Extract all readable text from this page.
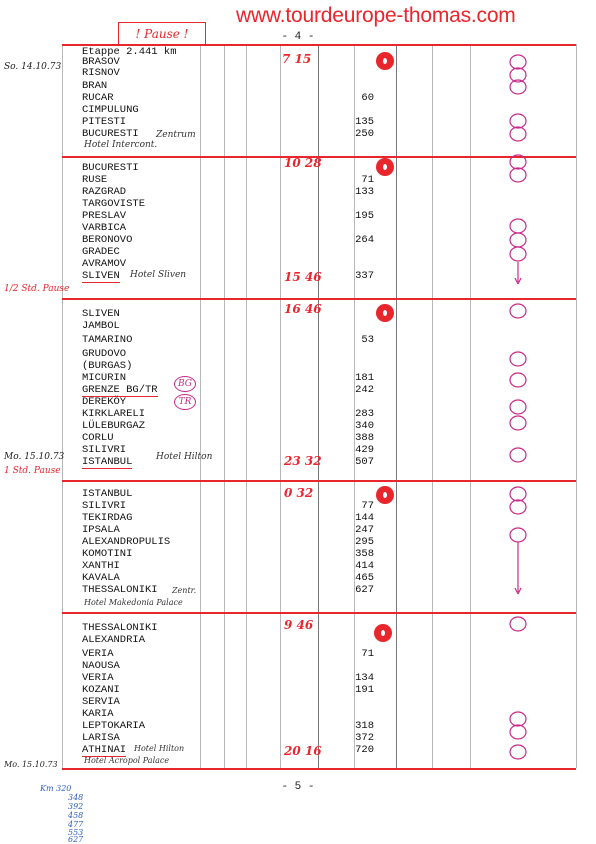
www.tourdeurope-thomas.com
- 4 -
- 5 -
! Pause !
So. 14.10.73
Etappe 2.441 km
BRASOV
RISNOV
BRAN
RUCAR	60
CIMPULUNG
PITESTI	135
BUCURESTI	250
Zentrum
Hotel Intercont.
7 15
BUCURESTI
RUSE	71
RAZGRAD	133
TARGOVISTE
PRESLAV	195
VARBICA
BERONOVO	264
GRADEC
AVRAMOV
SLIVEN	337
Hotel Sliven
1/2 Std. Pause
10 28
15 46
Mo. 15.10.73
SLIVEN
JAMBOL
TAMARINO	53
GRUDOVO
(BURGAS)
MICURIN	181
GRENZE BG/TR	242
DEREKÖY
KIRKLARELI	283
LÜLEBURGAZ	340
CORLU	388
SILIVRI	429
ISTANBUL	507
Hotel Hilton
1 Std. Pause
16 46
23 32
BG
TR
ISTANBUL
SILIVRI	77
TEKIRDAG	144
IPSALA	247
ALEXANDROPULIS	295
KOMOTINI	358
XANTHI	414
KAVALA	465
THESSALONIKI	627
Zentr.
Hotel Makedonia Palace
0 32
Mo. 15.10.73
THESSALONIKI
ALEXANDRIA
VERIA	71
NAOUSA
VERIA	134
KOZANI	191
SERVIA
KARIA
LEPTOKARIA	318
LARISA	372
ATHINAI	720
Hotel Hilton
Hotel Acropol Palace
9 46
20 16
Km 320
348
392
458
477
553
627
